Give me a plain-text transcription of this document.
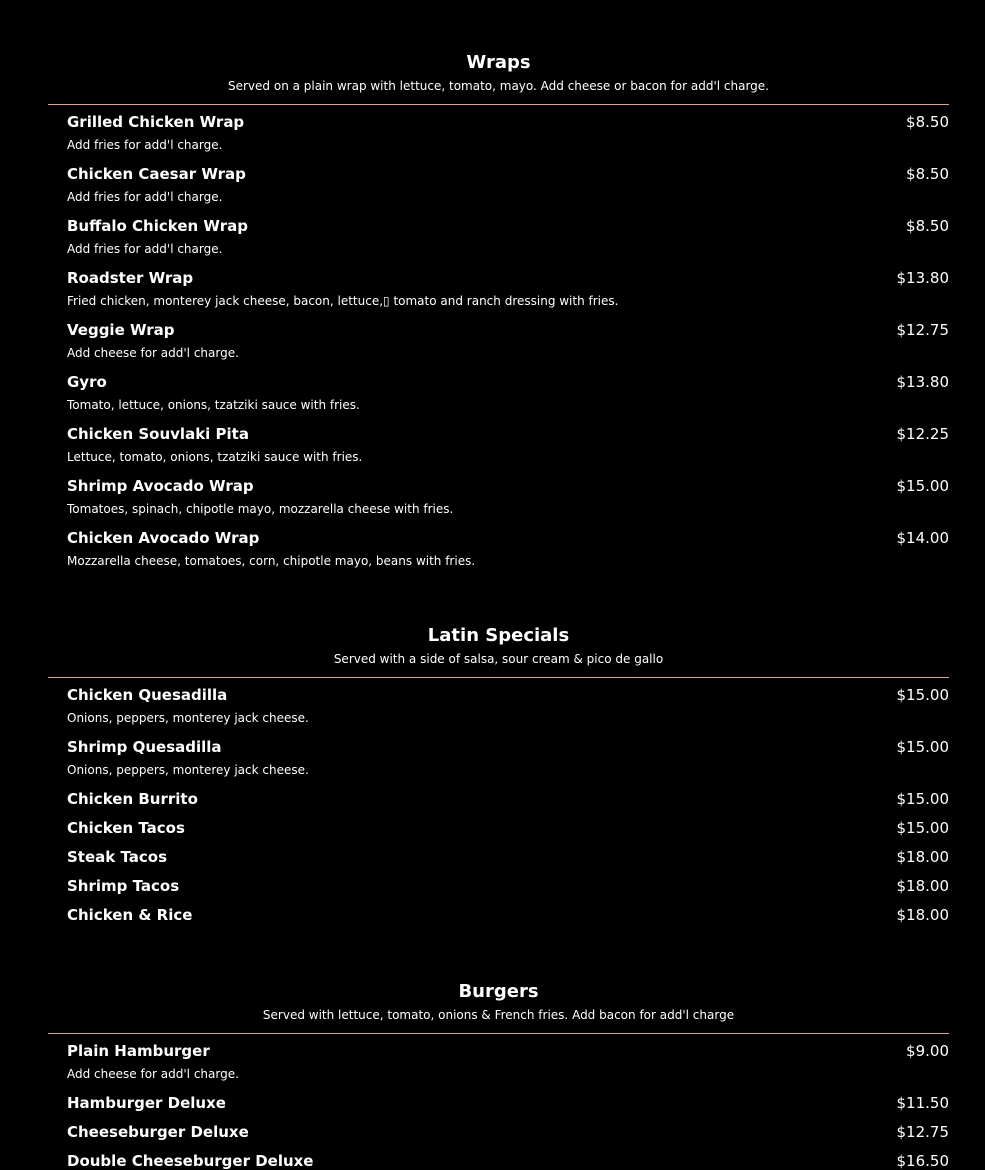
Wraps
Served on a plain wrap with lettuce, tomato, mayo. Add cheese or bacon for add'l charge.
Grilled Chicken Wrap	$8.50
Add fries for add'l charge.
Chicken Caesar Wrap	$8.50
Add fries for add'l charge.
Buffalo Chicken Wrap	$8.50
Add fries for add'l charge.
Roadster Wrap	$13.80
Fried chicken, monterey jack cheese, bacon, lettuce,▯ tomato and ranch dressing with fries.
Veggie Wrap	$12.75
Add cheese for add'l charge.
Gyro	$13.80
Tomato, lettuce, onions, tzatziki sauce with fries.
Chicken Souvlaki Pita	$12.25
Lettuce, tomato, onions, tzatziki sauce with fries.
Shrimp Avocado Wrap	$15.00
Tomatoes, spinach, chipotle mayo, mozzarella cheese with fries.
Chicken Avocado Wrap	$14.00
Mozzarella cheese, tomatoes, corn, chipotle mayo, beans with fries.
Latin Specials
Served with a side of salsa, sour cream & pico de gallo
Chicken Quesadilla	$15.00
Onions, peppers, monterey jack cheese.
Shrimp Quesadilla	$15.00
Onions, peppers, monterey jack cheese.
Chicken Burrito	$15.00
Chicken Tacos	$15.00
Steak Tacos	$18.00
Shrimp Tacos	$18.00
Chicken & Rice	$18.00
Burgers
Served with lettuce, tomato, onions & French fries. Add bacon for add'l charge
Plain Hamburger	$9.00
Add cheese for add'l charge.
Hamburger Deluxe	$11.50
Cheeseburger Deluxe	$12.75
Double Cheeseburger Deluxe	$16.50
